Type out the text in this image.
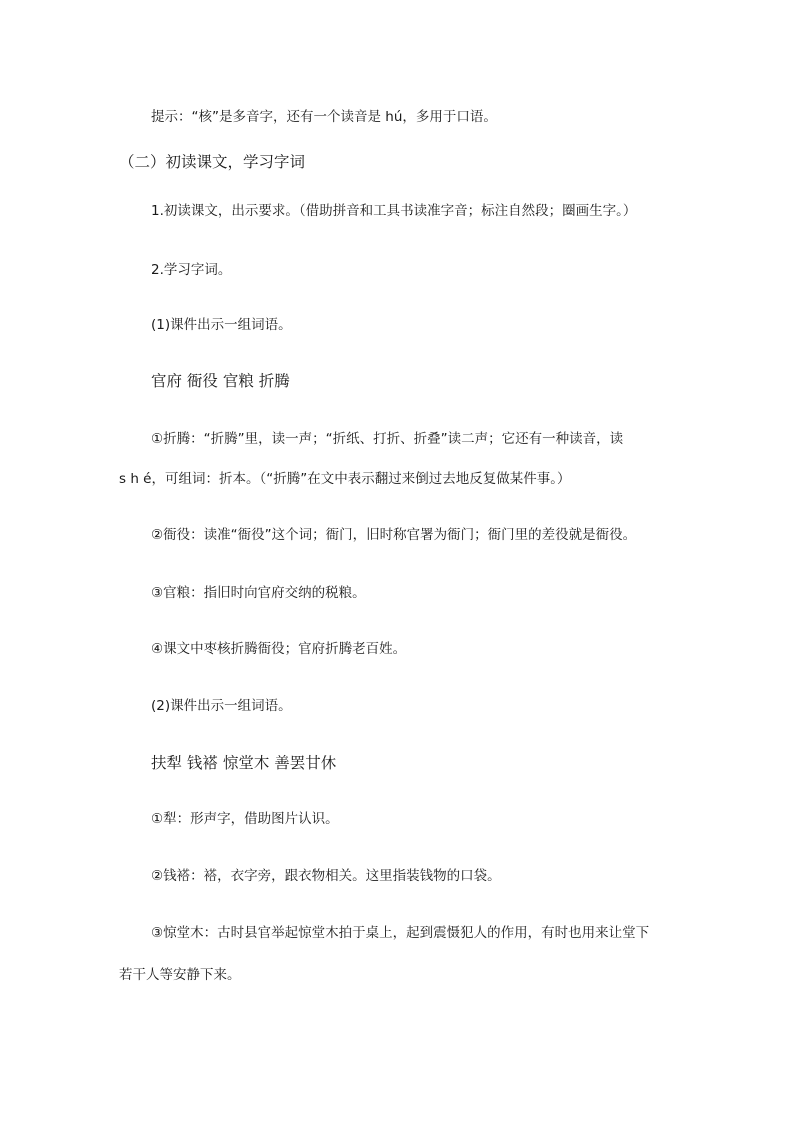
提示：“核”是多音字，还有一个读音是 hú，多用于口语。
（二）初读课文，学习字词
1.初读课文，出示要求。（借助拼音和工具书读准字音；标注自然段；圈画生字。）
2.学习字词。
(1)课件出示一组词语。
官府 衙役 官粮 折腾
①折腾：“折腾”里，读一声；“折纸、打折、折叠”读二声；它还有一种读音，读
s h é，可组词：折本。（“折腾”在文中表示翻过来倒过去地反复做某件事。）
②衙役：读准“衙役”这个词；衙门，旧时称官署为衙门；衙门里的差役就是衙役。
③官粮：指旧时向官府交纳的税粮。
④课文中枣核折腾衙役；官府折腾老百姓。
(2)课件出示一组词语。
扶犁 钱褡 惊堂木 善罢甘休
①犁：形声字，借助图片认识。
②钱褡：褡，衣字旁，跟衣物相关。这里指装钱物的口袋。
③惊堂木：古时县官举起惊堂木拍于桌上，起到震慑犯人的作用，有时也用来让堂下
若干人等安静下来。
